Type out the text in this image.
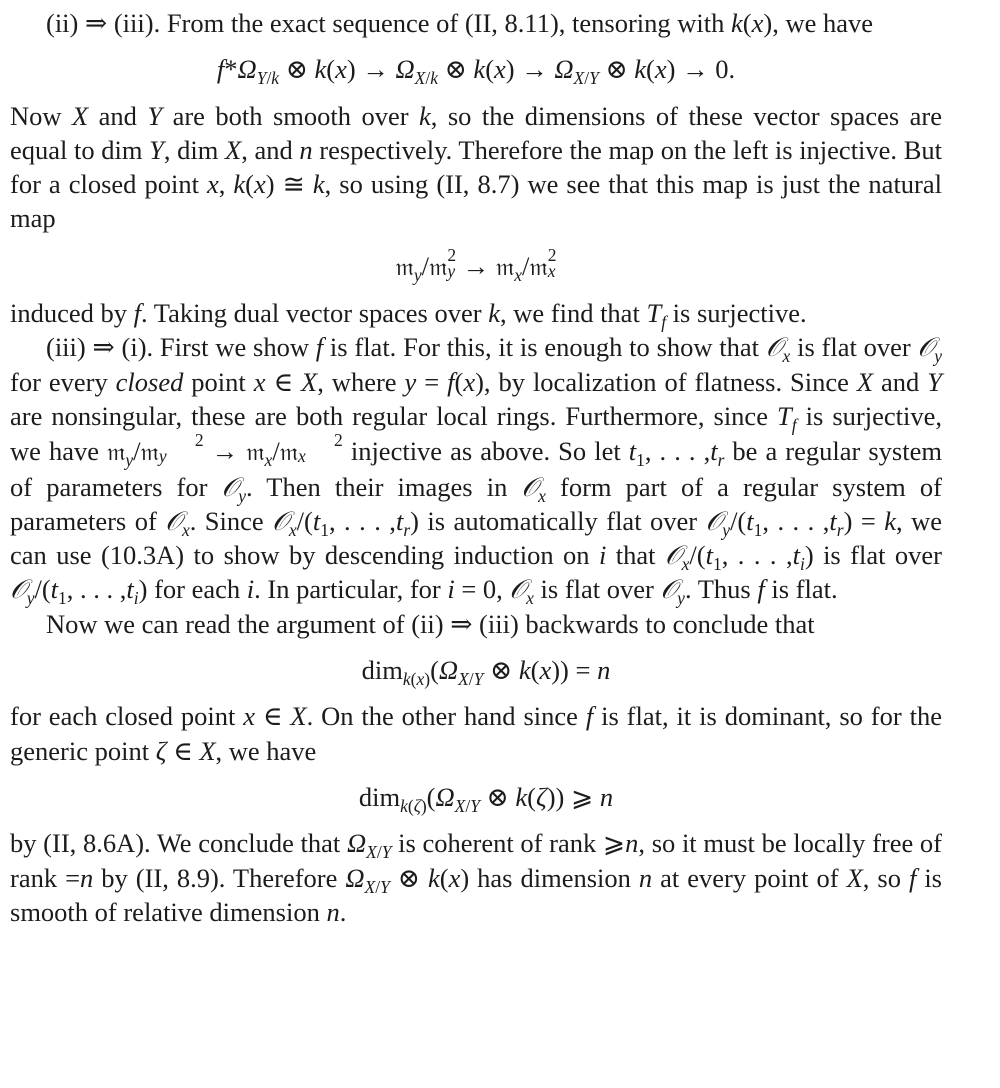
(ii) ⇒ (iii). From the exact sequence of (II, 8.11), tensoring with k(x), we have

$f*\Omega_{Y/k}$ ⊗ $k(x) \to \Omega_{X/k}$ ⊗ $k(x) \to \Omega_{X/Y}$ ⊗ k(x) → 0.

Now X and Y are both smooth over k, so the dimensions of these vector spaces are equal to dim Y, dim X, and n respectively. Therefore the map on the left is injective. But for a closed point x, k(x) ≅ k, so using (II, 8.7) we see that this map is just the natural map

𝔪$_y$/𝔪2
y → 𝔪$_x$/𝔪2
x

induced by f. Taking dual vector spaces over k, we find that $T_f$ is surjective.

(iii) ⇒ (i). First we show f is flat. For this, it is enough to show that 𝒪$_x$ is flat over 𝒪$_y$ for every closed point x ∈ X, where y = f(x), by localization of flatness. Since X and Y are nonsingular, these are both regular local rings. Furthermore, since $T_f$ is surjective, we have 𝔪$_y$/𝔪 2
y → 𝔪$_x$/𝔪 2
x injective as above. So let $t_1$, . . . $,t_r$ be a regular system of parameters for 𝒪$_y$. Then their images in 𝒪$_x$ form part of a regular system of parameters of 𝒪$_x$. Since $𝒪_x/(t_1$, . . . $,t_r$) is automatically flat over $𝒪_y/(t_1$, . . . $,t_r) = k$, we can use (10.3A) to show by descending induction on i that $𝒪_x/(t_1$, . . . $,t_i$) is flat over $𝒪_y/(t_1$, . . . $,t_i$) for each i. In particular, for i = 0, 𝒪$_x$ is flat over 𝒪$_y$. Thus f is flat.

Now we can read the argument of (ii) ⇒ (iii) backwards to conclude that

$dim_{k(x)}(\Omega_{X/Y}$ ⊗ k(x)) = n

for each closed point x ∈ X. On the other hand since f is flat, it is dominant, so for the generic point ζ ∈ X, we have

$dim_{k(\zeta)}(\Omega_{X/Y}$ ⊗ k(ζ)) ⩾ n

by (II, 8.6A). We conclude that $\Omega_{X/Y}$ is coherent of rank ⩾n, so it must be locally free of rank =n by (II, 8.9). Therefore $\Omega_{X/Y}$ ⊗ k(x) has dimension n at every point of X, so f is smooth of relative dimension n.
